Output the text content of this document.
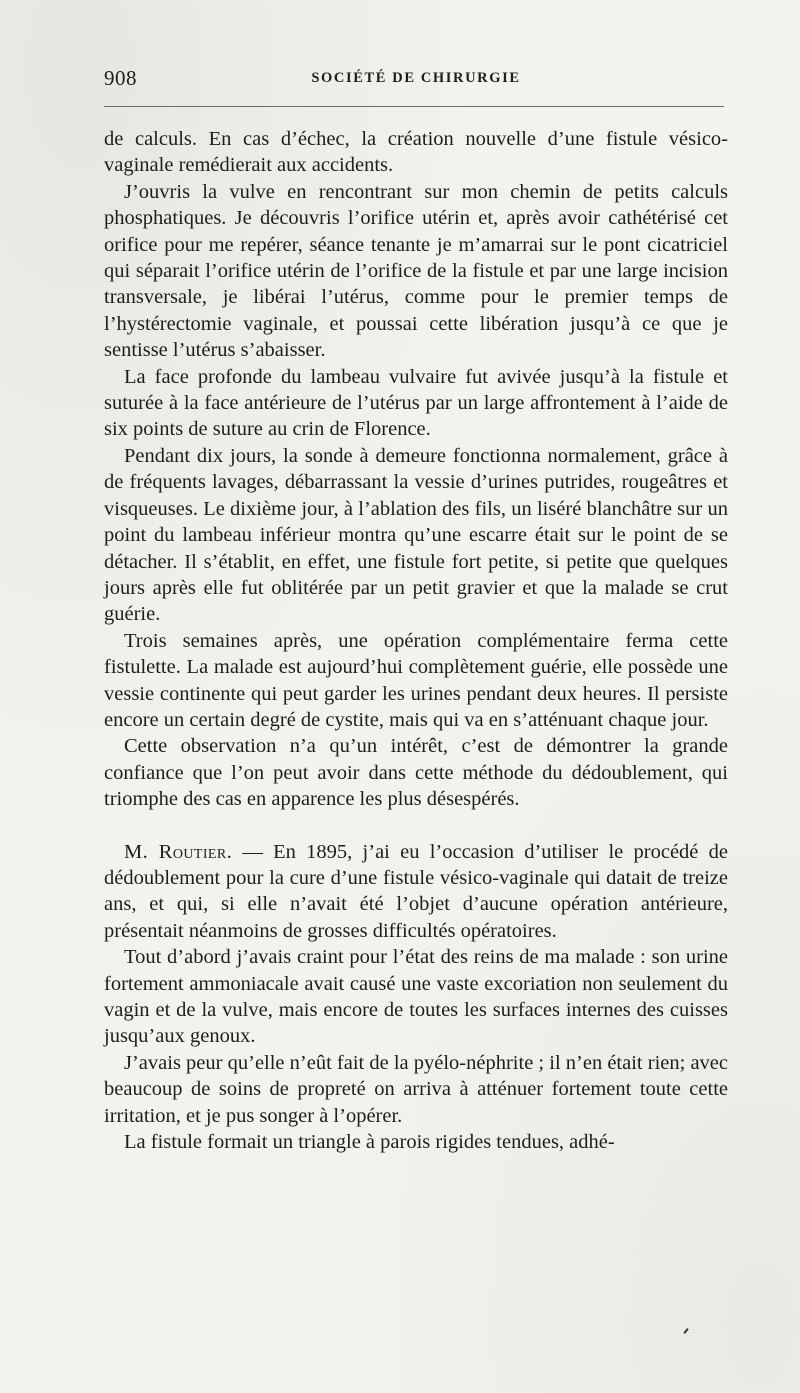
908	SOCIÉTÉ DE CHIRURGIE

de calculs. En cas d’échec, la création nouvelle d’une fistule vésico-vaginale remédierait aux accidents.

J’ouvris la vulve en rencontrant sur mon chemin de petits calculs phosphatiques. Je découvris l’orifice utérin et, après avoir cathétérisé cet orifice pour me repérer, séance tenante je m’amarrai sur le pont cicatriciel qui séparait l’orifice utérin de l’orifice de la fistule et par une large incision transversale, je libérai l’utérus, comme pour le premier temps de l’hystérectomie vaginale, et poussai cette libération jusqu’à ce que je sentisse l’utérus s’abaisser.

La face profonde du lambeau vulvaire fut avivée jusqu’à la fistule et suturée à la face antérieure de l’utérus par un large affrontement à l’aide de six points de suture au crin de Florence.

Pendant dix jours, la sonde à demeure fonctionna normalement, grâce à de fréquents lavages, débarrassant la vessie d’urines putrides, rougeâtres et visqueuses. Le dixième jour, à l’ablation des fils, un liséré blanchâtre sur un point du lambeau inférieur montra qu’une escarre était sur le point de se détacher. Il s’établit, en effet, une fistule fort petite, si petite que quelques jours après elle fut oblitérée par un petit gravier et que la malade se crut guérie.

Trois semaines après, une opération complémentaire ferma cette fistulette. La malade est aujourd’hui complètement guérie, elle possède une vessie continente qui peut garder les urines pendant deux heures. Il persiste encore un certain degré de cystite, mais qui va en s’atténuant chaque jour.

Cette observation n’a qu’un intérêt, c’est de démontrer la grande confiance que l’on peut avoir dans cette méthode du dédoublement, qui triomphe des cas en apparence les plus désespérés.

M. Routier. — En 1895, j’ai eu l’occasion d’utiliser le procédé de dédoublement pour la cure d’une fistule vésico-vaginale qui datait de treize ans, et qui, si elle n’avait été l’objet d’aucune opération antérieure, présentait néanmoins de grosses difficultés opératoires.

Tout d’abord j’avais craint pour l’état des reins de ma malade : son urine fortement ammoniacale avait causé une vaste excoriation non seulement du vagin et de la vulve, mais encore de toutes les surfaces internes des cuisses jusqu’aux genoux.

J’avais peur qu’elle n’eût fait de la pyélo-néphrite ; il n’en était rien; avec beaucoup de soins de propreté on arriva à atténuer fortement toute cette irritation, et je pus songer à l’opérer.

La fistule formait un triangle à parois rigides tendues, adhé-
